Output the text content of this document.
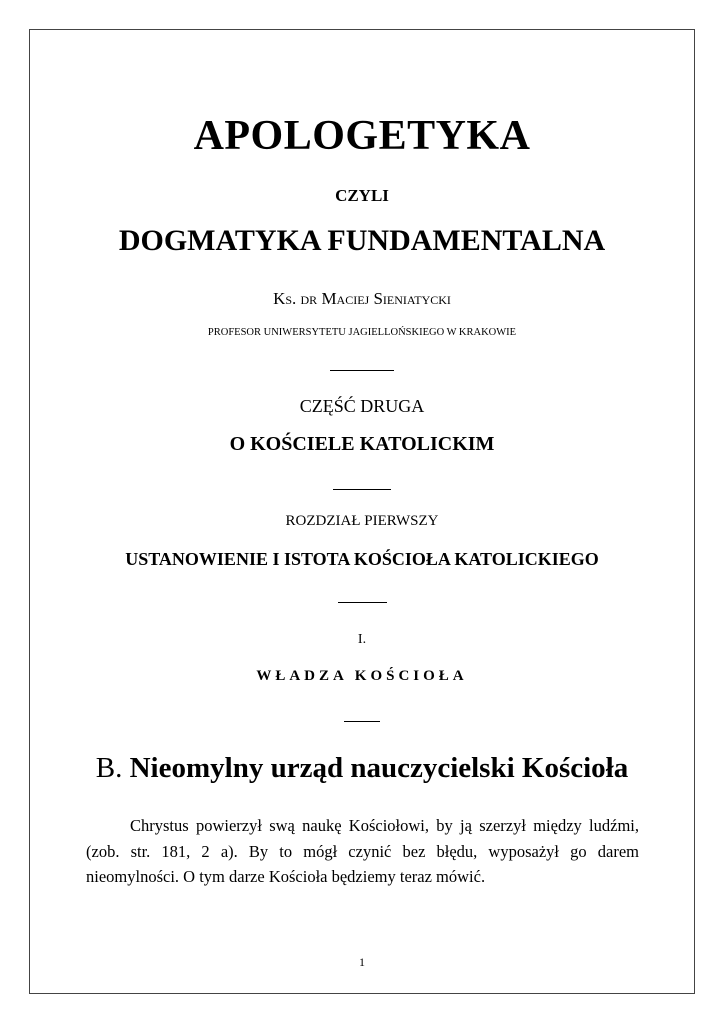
APOLOGETYKA
CZYLI
DOGMATYKA FUNDAMENTALNA
Ks. dr Maciej Sieniatycki
PROFESOR UNIWERSYTETU JAGIELLOŃSKIEGO W KRAKOWIE
CZĘŚĆ DRUGA
O KOŚCIELE KATOLICKIM
ROZDZIAŁ PIERWSZY
USTANOWIENIE I ISTOTA KOŚCIOŁA KATOLICKIEGO
I.
WŁADZA KOŚCIOŁA
B. Nieomylny urząd nauczycielski Kościoła

Chrystus powierzył swą naukę Kościołowi, by ją szerzył między ludźmi, (zob. str. 181, 2 a). By to mógł czynić bez błędu, wyposażył go darem nieomylności. O tym darze Kościoła będziemy teraz mówić.

1
